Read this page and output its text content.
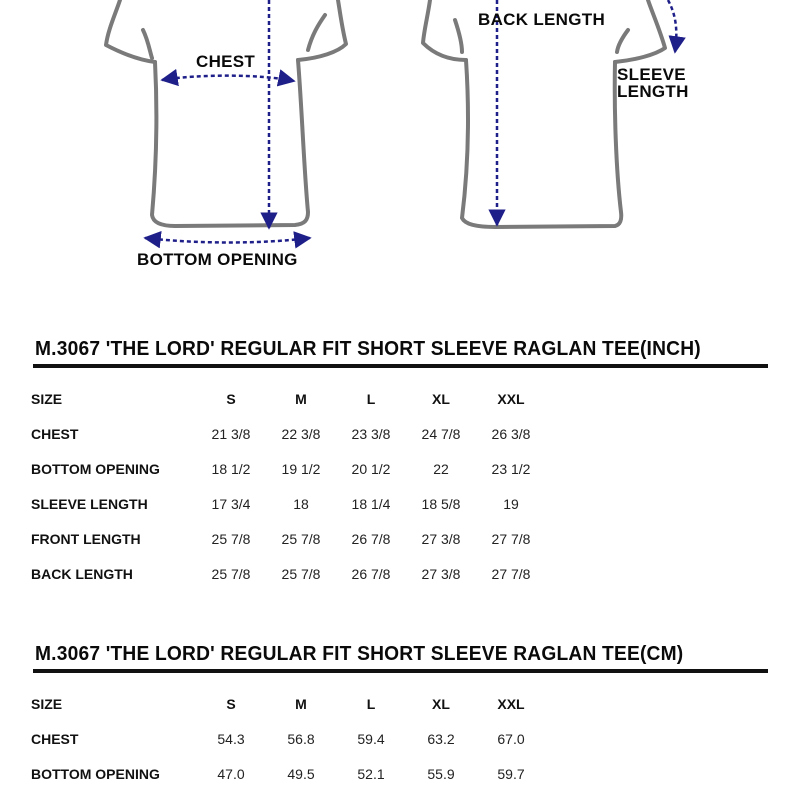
CHEST
BOTTOM OPENING
BACK LENGTH
SLEEVE
LENGTH
M.3067 'THE LORD' REGULAR FIT SHORT SLEEVE RAGLAN TEE(INCH)
SIZE	S	M	L	XL	XXL
CHEST	21 3/8	22 3/8	23 3/8	24 7/8	26 3/8
BOTTOM OPENING	18 1/2	19 1/2	20 1/2	22	23 1/2
SLEEVE LENGTH	17 3/4	18	18 1/4	18 5/8	19
FRONT LENGTH	25 7/8	25 7/8	26 7/8	27 3/8	27 7/8
BACK LENGTH	25 7/8	25 7/8	26 7/8	27 3/8	27 7/8
M.3067 'THE LORD' REGULAR FIT SHORT SLEEVE RAGLAN TEE(CM)
SIZE	S	M	L	XL	XXL
CHEST	54.3	56.8	59.4	63.2	67.0
BOTTOM OPENING	47.0	49.5	52.1	55.9	59.7
